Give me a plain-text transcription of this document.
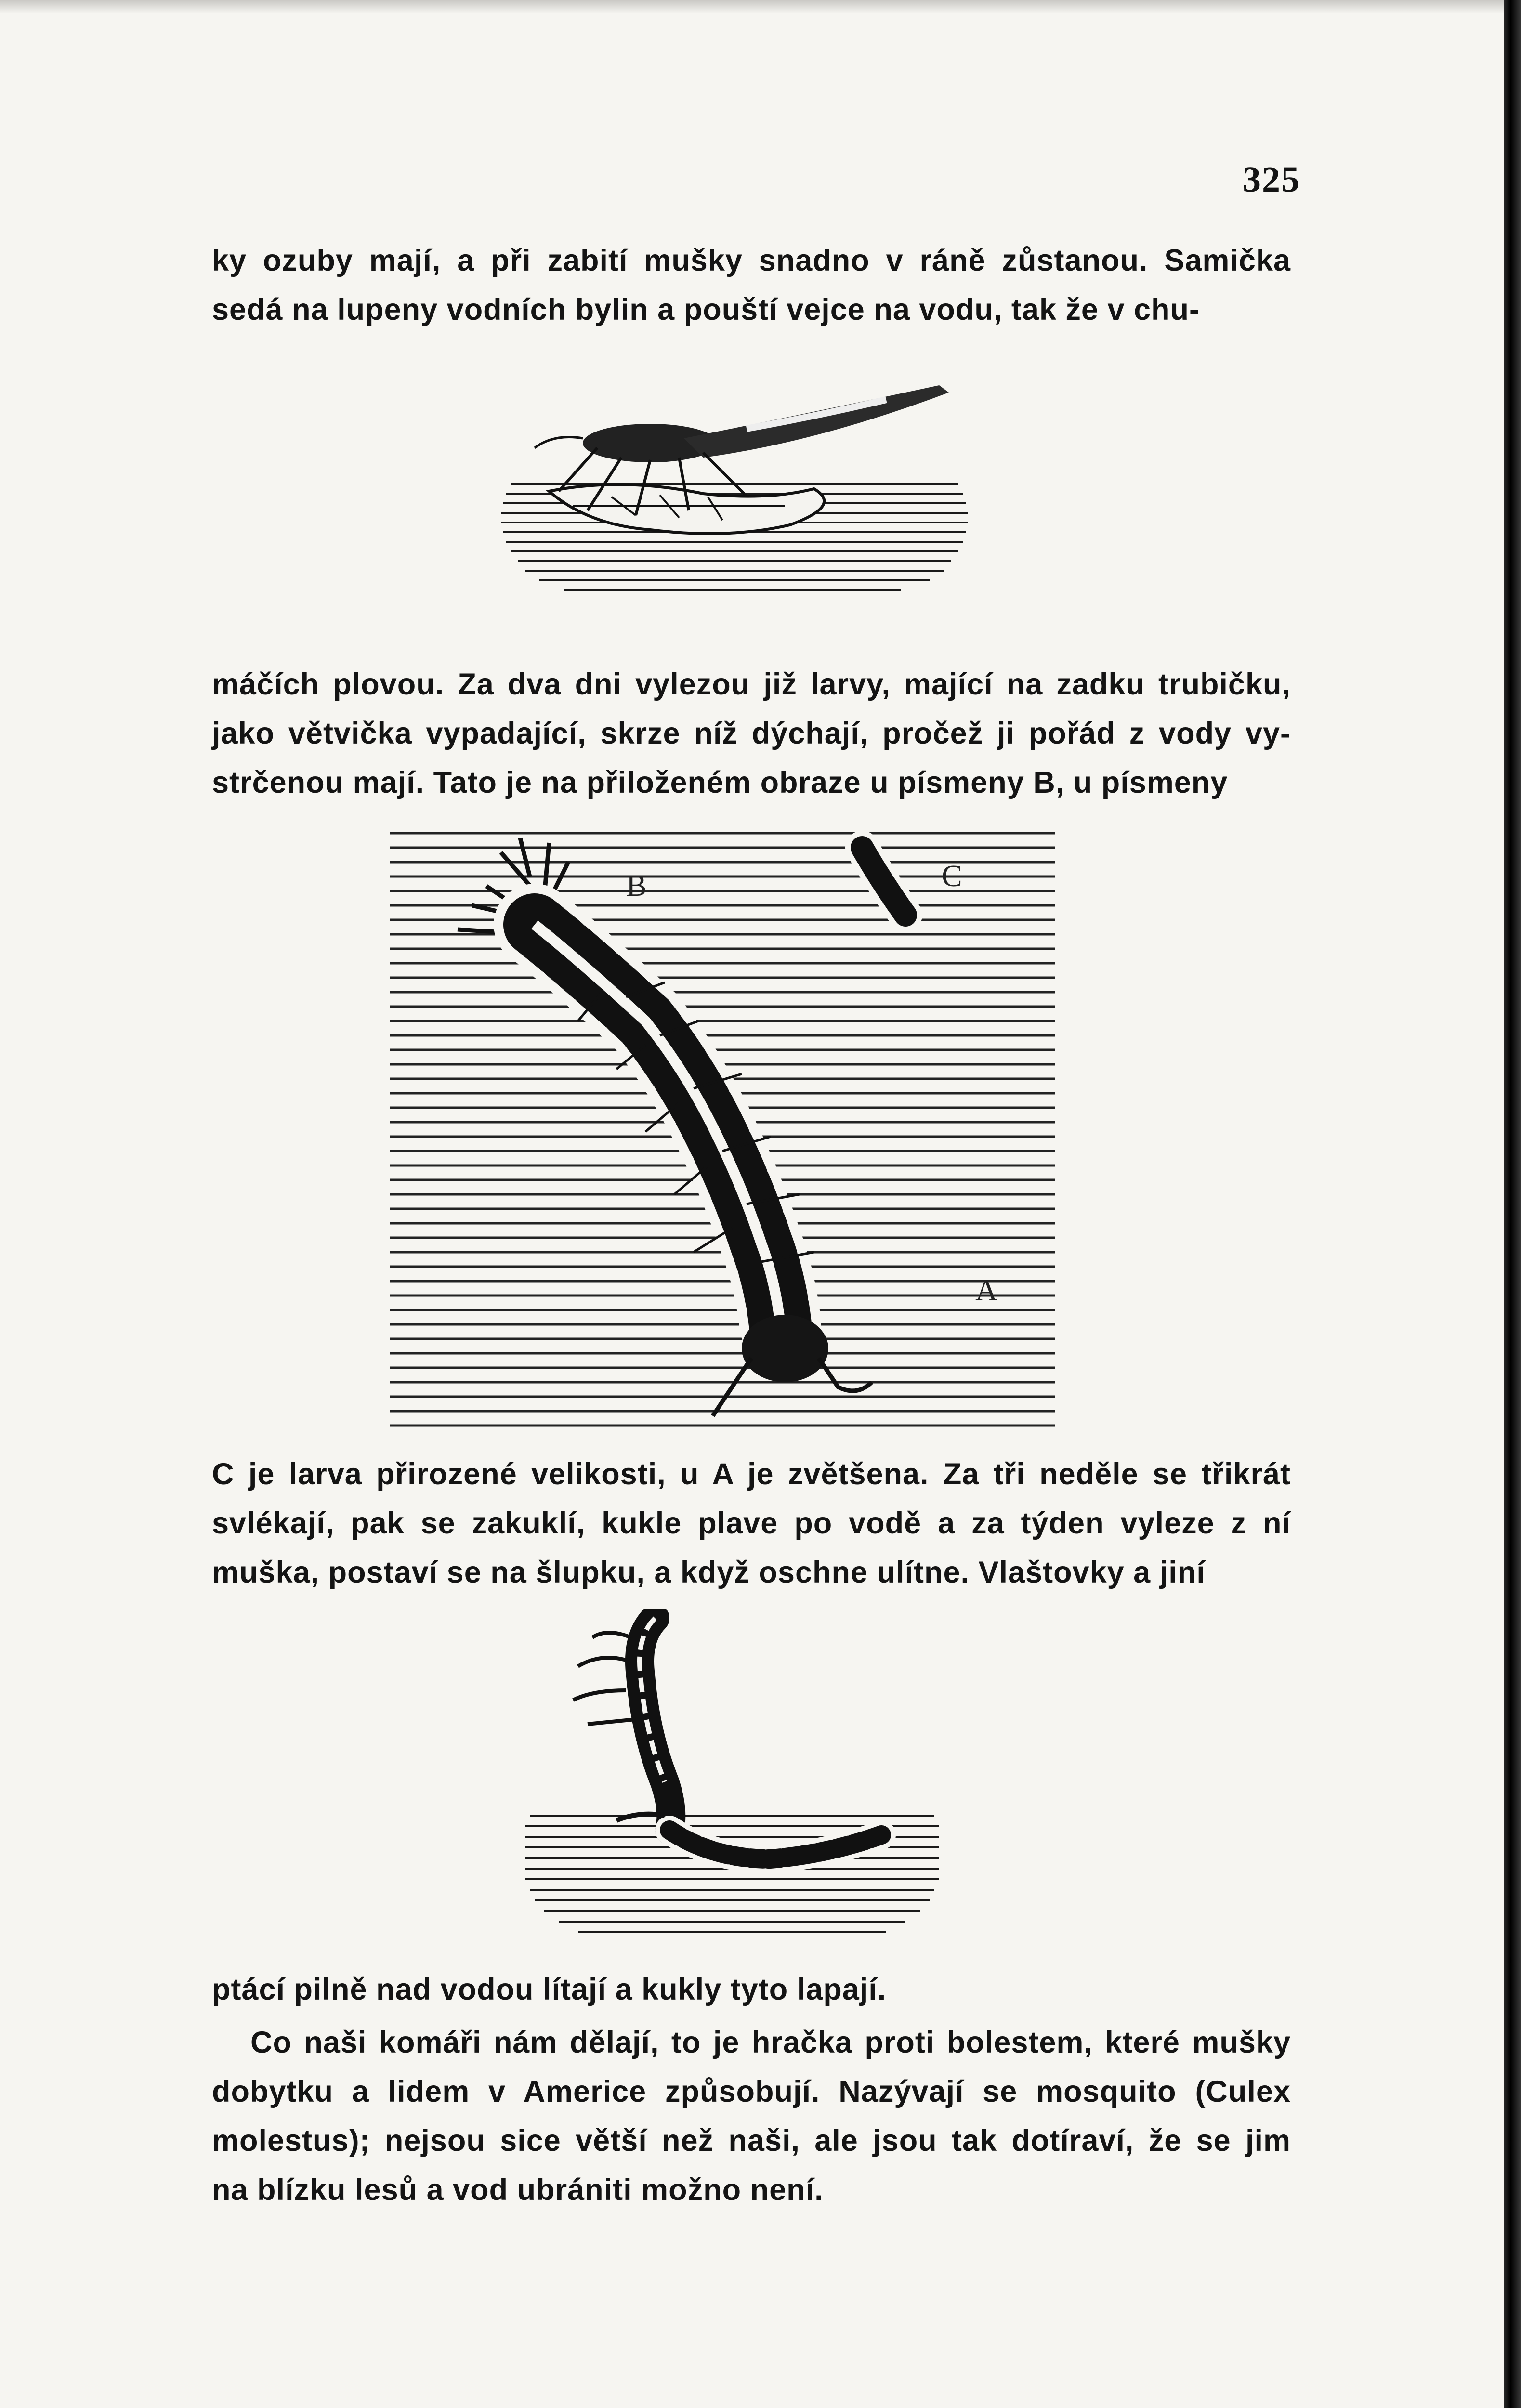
325
ky ozuby mají, a při zabití mušky snadno v ráně zůstanou. Samička
sedá na lupeny vodních bylin a pouští vejce na vodu, tak že v chu-
máčích plovou. Za dva dni vylezou již larvy, mající na zadku trubičku,
jako větvička vypadající, skrze níž dýchají, pročež ji pořád z vody vy-
strčenou mají. Tato je na přiloženém obraze u písmeny B, u písmeny
B	C
A
C je larva přirozené velikosti, u A je zvětšena. Za tři neděle se třikrát
svlékají, pak se zakuklí, kukle plave po vodě a za týden vyleze z ní
muška, postaví se na šlupku, a když oschne ulítne. Vlaštovky a jiní
ptácí pilně nad vodou lítají a kukly tyto lapají.
Co naši komáři nám dělají, to je hračka proti bolestem, které mušky
dobytku a lidem v Americe způsobují. Nazývají se mosquito (Culex
molestus); nejsou sice větší než naši, ale jsou tak dotíraví, že se jim
na blízku lesů a vod ubrániti možno není.
